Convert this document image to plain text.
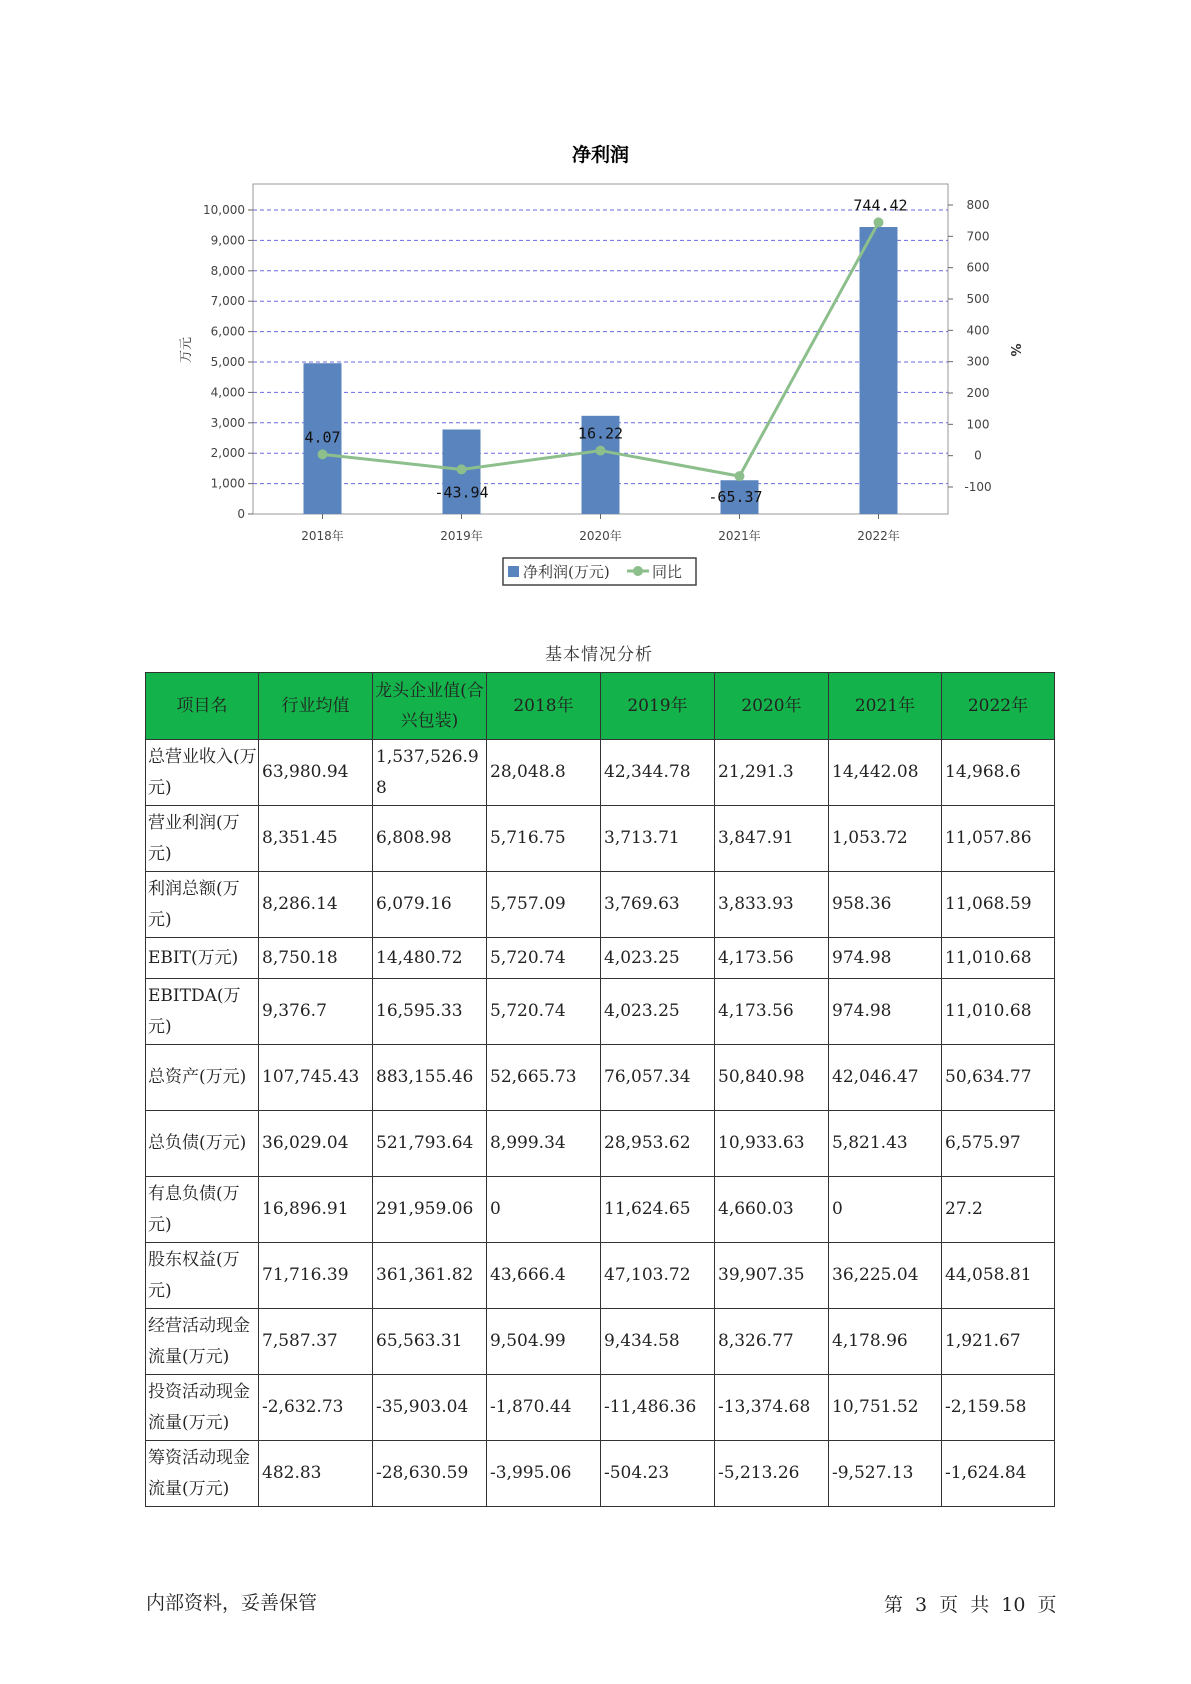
净利润
0
1,000
2,000
3,000
4,000
5,000
6,000
7,000
8,000
9,000
10,000
-100
0
100
200
300
400
500
600
700
800
万元	%
2018年	2019年	2020年	2021年	2022年
4.07
-43.94
16.22
-65.37
744.42
净利润(万元)	同比
基本情况分析
项目名	行业均值	龙头企业值(合兴包装)	2018年	2019年	2020年	2021年	2022年
总营业收入(万元)	63,980.94	1,537,526.98	28,048.8	42,344.78	21,291.3	14,442.08	14,968.6
营业利润(万元)	8,351.45	6,808.98	5,716.75	3,713.71	3,847.91	1,053.72	11,057.86
利润总额(万元)	8,286.14	6,079.16	5,757.09	3,769.63	3,833.93	958.36	11,068.59
EBIT(万元)	8,750.18	14,480.72	5,720.74	4,023.25	4,173.56	974.98	11,010.68
EBITDA(万元)	9,376.7	16,595.33	5,720.74	4,023.25	4,173.56	974.98	11,010.68
总资产(万元)	107,745.43	883,155.46	52,665.73	76,057.34	50,840.98	42,046.47	50,634.77
总负债(万元)	36,029.04	521,793.64	8,999.34	28,953.62	10,933.63	5,821.43	6,575.97
有息负债(万元)	16,896.91	291,959.06	0	11,624.65	4,660.03	0	27.2
股东权益(万元)	71,716.39	361,361.82	43,666.4	47,103.72	39,907.35	36,225.04	44,058.81
经营活动现金流量(万元)	7,587.37	65,563.31	9,504.99	9,434.58	8,326.77	4,178.96	1,921.67
投资活动现金流量(万元)	-2,632.73	-35,903.04	-1,870.44	-11,486.36	-13,374.68	10,751.52	-2,159.58
筹资活动现金流量(万元)	482.83	-28,630.59	-3,995.06	-504.23	-5,213.26	-9,527.13	-1,624.84
内部资料，妥善保管	第 3 页 共 10 页
